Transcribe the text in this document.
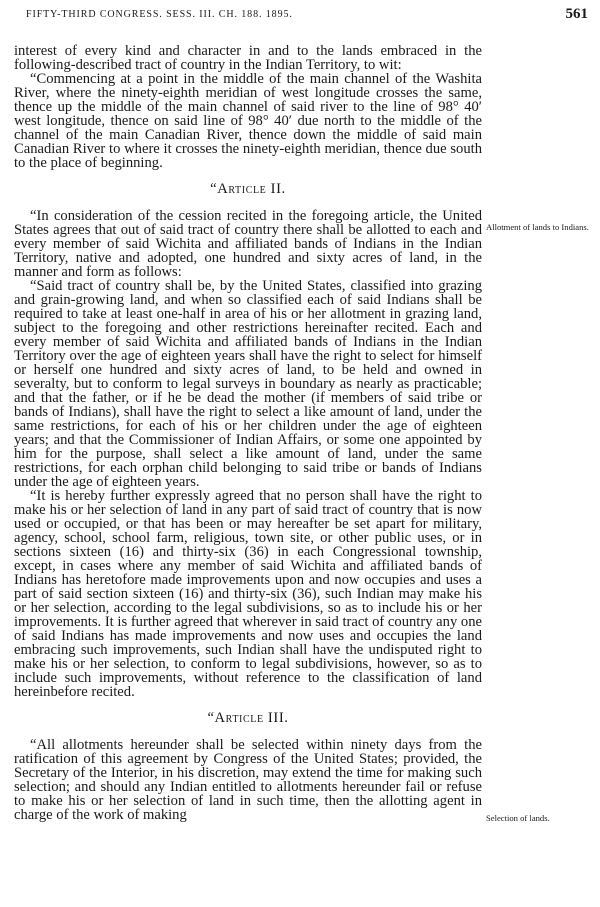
FIFTY-THIRD CONGRESS. SESS. III. CH. 188. 1895.	561

interest of every kind and character in and to the lands embraced in the following-described tract of country in the Indian Territory, to wit:

“Commencing at a point in the middle of the main channel of the Washita River, where the ninety-eighth meridian of west longitude crosses the same, thence up the middle of the main channel of said river to the line of 98° 40′ west longitude, thence on said line of 98° 40′ due north to the middle of the channel of the main Canadian River, thence down the middle of said main Canadian River to where it crosses the ninety-eighth meridian, thence due south to the place of beginning.

“Article II.

“In consideration of the cession recited in the foregoing article, the United States agrees that out of said tract of country there shall be allotted to each and every member of said Wichita and affiliated bands of Indians in the Indian Territory, native and adopted, one hundred and sixty acres of land, in the manner and form as follows:

“Said tract of country shall be, by the United States, classified into grazing and grain-growing land, and when so classified each of said Indians shall be required to take at least one-half in area of his or her allotment in grazing land, subject to the foregoing and other restrictions hereinafter recited. Each and every member of said Wichita and affiliated bands of Indians in the Indian Territory over the age of eighteen years shall have the right to select for himself or herself one hundred and sixty acres of land, to be held and owned in severalty, but to conform to legal surveys in boundary as nearly as practicable; and that the father, or if he be dead the mother (if members of said tribe or bands of Indians), shall have the right to select a like amount of land, under the same restrictions, for each of his or her children under the age of eighteen years; and that the Commissioner of Indian Affairs, or some one appointed by him for the purpose, shall select a like amount of land, under the same restrictions, for each orphan child belonging to said tribe or bands of Indians under the age of eighteen years.

“It is hereby further expressly agreed that no person shall have the right to make his or her selection of land in any part of said tract of country that is now used or occupied, or that has been or may hereafter be set apart for military, agency, school, school farm, religious, town site, or other public uses, or in sections sixteen (16) and thirty-six (36) in each Congressional township, except, in cases where any member of said Wichita and affiliated bands of Indians has heretofore made improvements upon and now occupies and uses a part of said section sixteen (16) and thirty-six (36), such Indian may make his or her selection, according to the legal subdivisions, so as to include his or her improvements. It is further agreed that wherever in said tract of country any one of said Indians has made improvements and now uses and occupies the land embracing such improvements, such Indian shall have the undisputed right to make his or her selection, to conform to legal subdivisions, however, so as to include such improvements, without reference to the classification of land hereinbefore recited.

“Article III.

“All allotments hereunder shall be selected within ninety days from the ratification of this agreement by Congress of the United States; provided, the Secretary of the Interior, in his discretion, may extend the time for making such selection; and should any Indian entitled to allotments hereunder fail or refuse to make his or her selection of land in such time, then the allotting agent in charge of the work of making

Allotment of lands to Indians.
Selection of lands.
